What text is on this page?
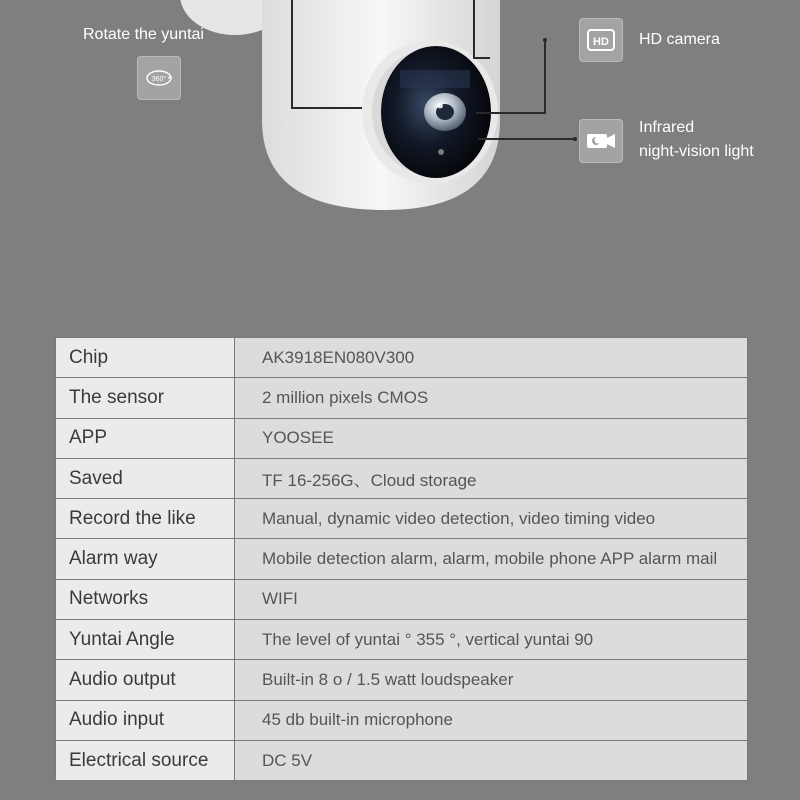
Rotate the yuntai
360°
HD HD camera
Infrared
night-vision light
Chip	AK3918EN080V300
The sensor	2 million pixels CMOS
APP	YOOSEE
Saved	TF 16-256G、Cloud storage
Record the like	Manual, dynamic video detection, video timing video
Alarm way	Mobile detection alarm, alarm, mobile phone APP alarm mail
Networks	WIFI
Yuntai Angle	The level of yuntai ° 355 °, vertical yuntai 90
Audio output	Built-in 8 o / 1.5 watt loudspeaker
Audio input	45 db built-in microphone
Electrical source	DC 5V
